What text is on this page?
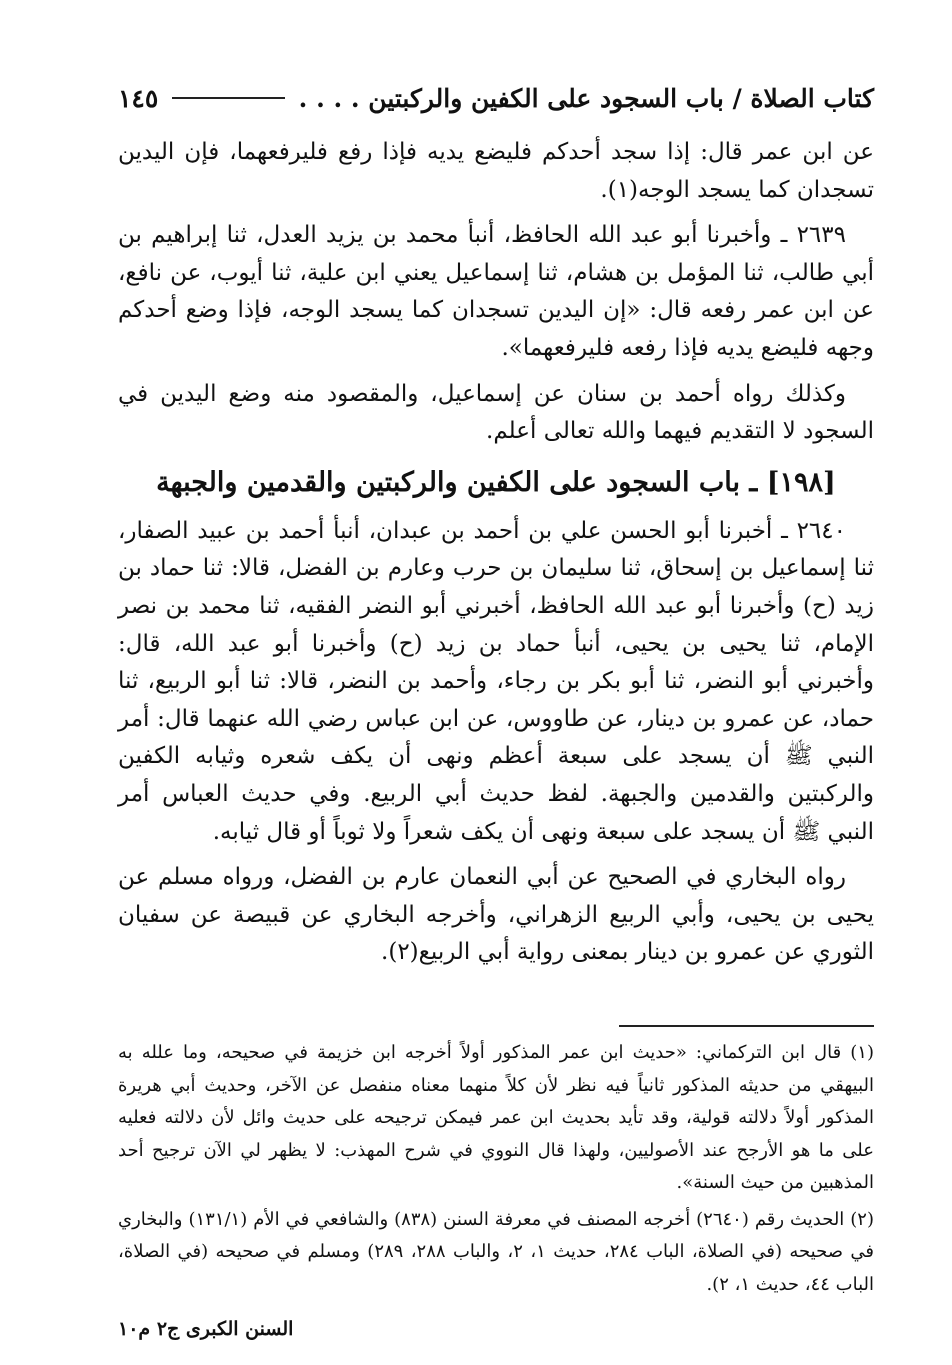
١٤٥	كتاب الصلاة / باب السجود على الكفين والركبتين . . . .

عن ابن عمر قال: إذا سجد أحدكم فليضع يديه فإذا رفع فليرفعهما، فإن اليدين تسجدان كما يسجد الوجه(١).

٢٦٣٩ ـ وأخبرنا أبو عبد الله الحافظ، أنبأ محمد بن يزيد العدل، ثنا إبراهيم بن أبي طالب، ثنا المؤمل بن هشام، ثنا إسماعيل يعني ابن علية، ثنا أيوب، عن نافع، عن ابن عمر رفعه قال: «إن اليدين تسجدان كما يسجد الوجه، فإذا وضع أحدكم وجهه فليضع يديه فإذا رفعه فليرفعهما».

وكذلك رواه أحمد بن سنان عن إسماعيل، والمقصود منه وضع اليدين في السجود لا التقديم فيهما والله تعالى أعلم.

[١٩٨] ـ باب السجود على الكفين والركبتين والقدمين والجبهة

٢٦٤٠ ـ أخبرنا أبو الحسن علي بن أحمد بن عبدان، أنبأ أحمد بن عبيد الصفار، ثنا إسماعيل بن إسحاق، ثنا سليمان بن حرب وعارم بن الفضل، قالا: ثنا حماد بن زيد (ح) وأخبرنا أبو عبد الله الحافظ، أخبرني أبو النضر الفقيه، ثنا محمد بن نصر الإمام، ثنا يحيى بن يحيى، أنبأ حماد بن زيد (ح) وأخبرنا أبو عبد الله، قال: وأخبرني أبو النضر، ثنا أبو بكر بن رجاء، وأحمد بن النضر، قالا: ثنا أبو الربيع، ثنا حماد، عن عمرو بن دينار، عن طاووس، عن ابن عباس رضي الله عنهما قال: أمر النبي ﷺ أن يسجد على سبعة أعظم ونهى أن يكف شعره وثيابه الكفين والركبتين والقدمين والجبهة. لفظ حديث أبي الربيع. وفي حديث العباس أمر النبي ﷺ أن يسجد على سبعة ونهى أن يكف شعراً ولا ثوباً أو قال ثيابه.

رواه البخاري في الصحيح عن أبي النعمان عارم بن الفضل، ورواه مسلم عن يحيى بن يحيى، وأبي الربيع الزهراني، وأخرجه البخاري عن قبيصة عن سفيان الثوري عن عمرو بن دينار بمعنى رواية أبي الربيع(٢).

(١) قال ابن التركماني: «حديث ابن عمر المذكور أولاً أخرجه ابن خزيمة في صحيحه، وما علله به البيهقي من حديثه المذكور ثانياً فيه نظر لأن كلاً منهما معناه منفصل عن الآخر، وحديث أبي هريرة المذكور أولاً دلالته قولية، وقد تأيد بحديث ابن عمر فيمكن ترجيحه على حديث وائل لأن دلالته فعليه على ما هو الأرجح عند الأصوليين، ولهذا قال النووي في شرح المهذب: لا يظهر لي الآن ترجيح أحد المذهبين من حيث السنة».

(٢) الحديث رقم (٢٦٤٠) أخرجه المصنف في معرفة السنن (٨٣٨) والشافعي في الأم (١٣١/١) والبخاري في صحيحه (في الصلاة، الباب ٢٨٤، حديث ١، ٢، والباب ٢٨٨، ٢٨٩) ومسلم في صحيحه (في الصلاة، الباب ٤٤، حديث ١، ٢).

السنن الكبرى ج٢ م١٠
